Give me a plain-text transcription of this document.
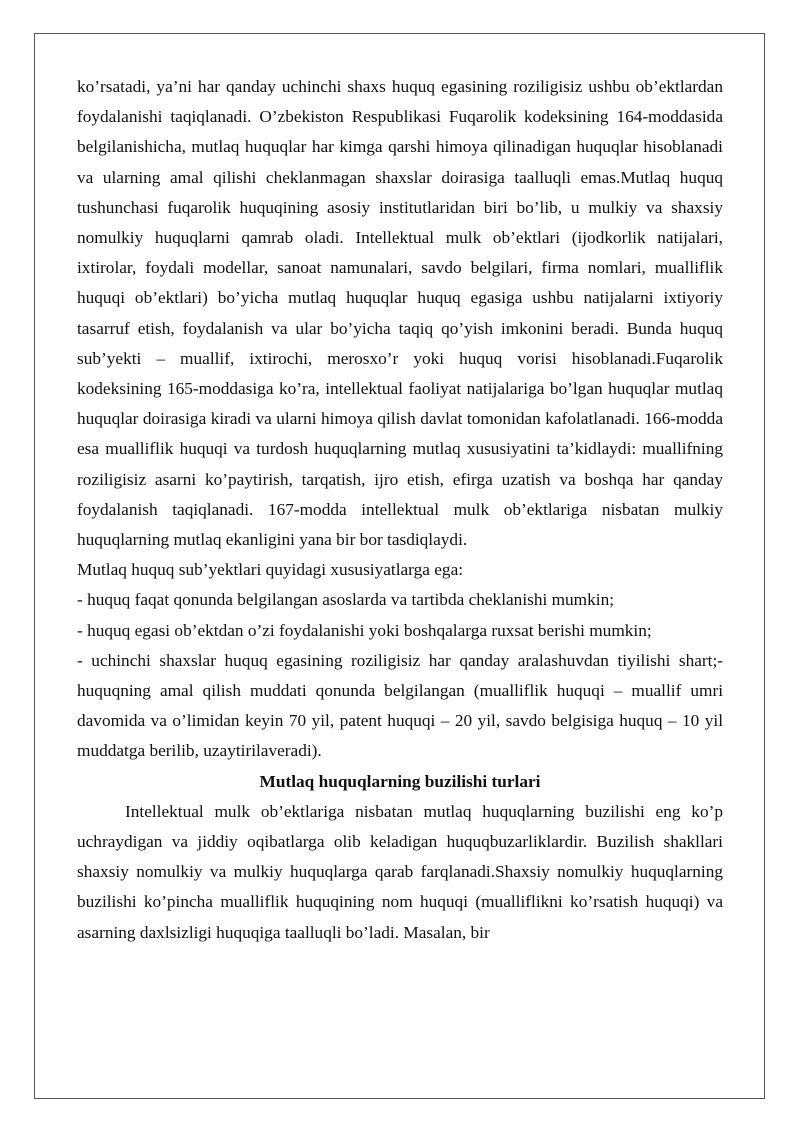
ko’rsatadi, ya’ni har qanday uchinchi shaxs huquq egasining roziligisiz ushbu ob’ektlardan foydalanishi taqiqlanadi. O’zbekiston Respublikasi Fuqarolik kodeksining 164-moddasida belgilanishicha, mutlaq huquqlar har kimga qarshi himoya qilinadigan huquqlar hisoblanadi va ularning amal qilishi cheklanmagan shaxslar doirasiga taalluqli emas.Mutlaq huquq tushunchasi fuqarolik huquqining asosiy institutlaridan biri bo’lib, u mulkiy va shaxsiy nomulkiy huquqlarni qamrab oladi. Intellektual mulk ob’ektlari (ijodkorlik natijalari, ixtirolar, foydali modellar, sanoat namunalari, savdo belgilari, firma nomlari, mualliflik huquqi ob’ektlari) bo’yicha mutlaq huquqlar huquq egasiga ushbu natijalarni ixtiyoriy tasarruf etish, foydalanish va ular bo’yicha taqiq qo’yish imkonini beradi. Bunda huquq sub’yekti – muallif, ixtirochi, merosxo’r yoki huquq vorisi hisoblanadi.Fuqarolik kodeksining 165-moddasiga ko’ra, intellektual faoliyat natijalariga bo’lgan huquqlar mutlaq huquqlar doirasiga kiradi va ularni himoya qilish davlat tomonidan kafolatlanadi. 166-modda esa mualliflik huquqi va turdosh huquqlarning mutlaq xususiyatini ta’kidlaydi: muallifning roziligisiz asarni ko’paytirish, tarqatish, ijro etish, efirga uzatish va boshqa har qanday foydalanish taqiqlanadi. 167-modda intellektual mulk ob’ektlariga nisbatan mulkiy huquqlarning mutlaq ekanligini yana bir bor tasdiqlaydi.

Mutlaq huquq sub’yektlari quyidagi xususiyatlarga ega:

- huquq faqat qonunda belgilangan asoslarda va tartibda cheklanishi mumkin;

- huquq egasi ob’ektdan o’zi foydalanishi yoki boshqalarga ruxsat berishi mumkin;

- uchinchi shaxslar huquq egasining roziligisiz har qanday aralashuvdan tiyilishi shart;- huquqning amal qilish muddati qonunda belgilangan (mualliflik huquqi – muallif umri davomida va o’limidan keyin 70 yil, patent huquqi – 20 yil, savdo belgisiga huquq – 10 yil muddatga berilib, uzaytirilaveradi).

Mutlaq huquqlarning buzilishi turlari

Intellektual mulk ob’ektlariga nisbatan mutlaq huquqlarning buzilishi eng ko’p uchraydigan va jiddiy oqibatlarga olib keladigan huquqbuzarliklardir. Buzilish shakllari shaxsiy nomulkiy va mulkiy huquqlarga qarab farqlanadi.Shaxsiy nomulkiy huquqlarning buzilishi ko’pincha mualliflik huquqining nom huquqi (mualliflikni ko’rsatish huquqi) va asarning daxlsizligi huquqiga taalluqli bo’ladi. Masalan, bir
